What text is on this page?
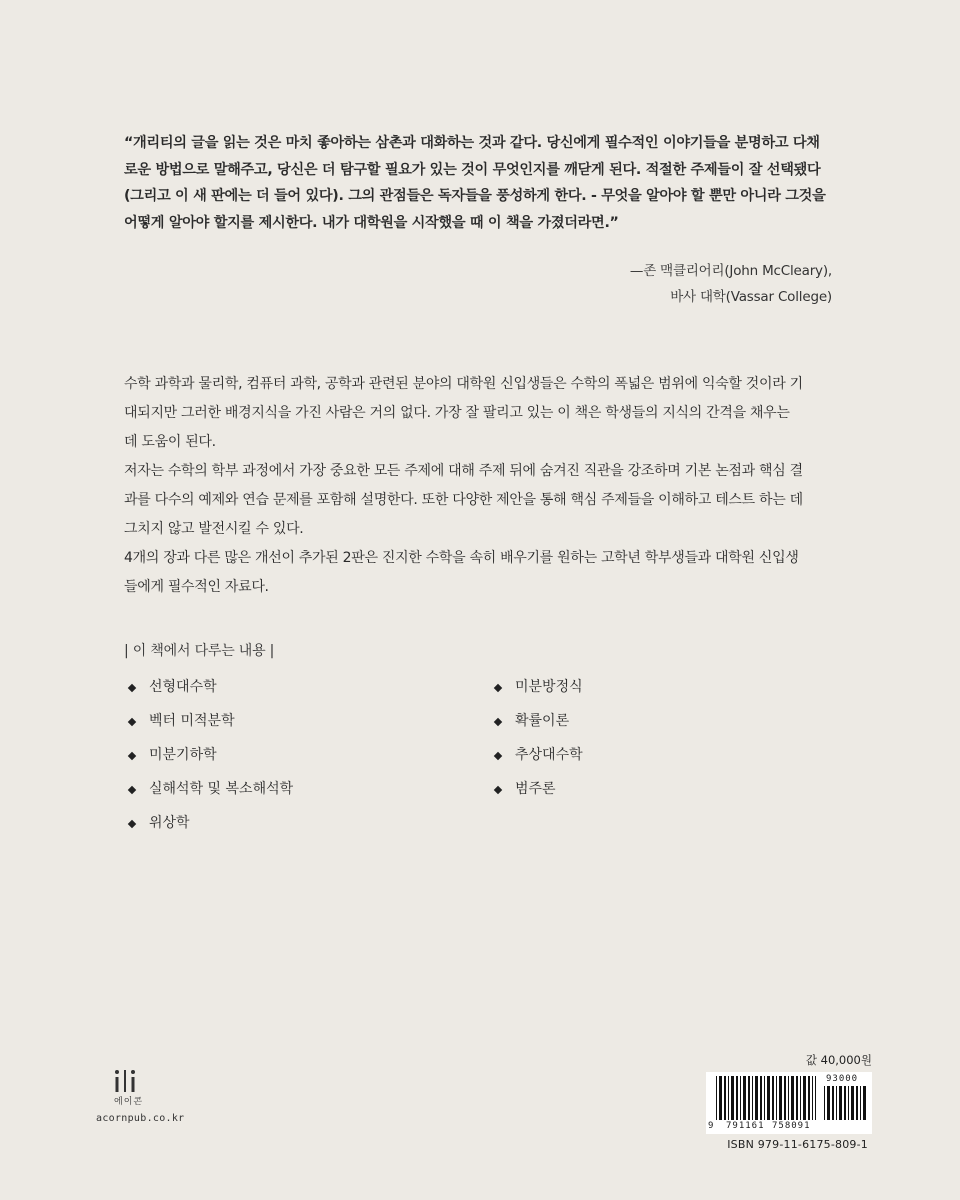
“개리티의 글을 읽는 것은 마치 좋아하는 삼촌과 대화하는 것과 같다. 당신에게 필수적인 이야기들을 분명하고 다채

로운 방법으로 말해주고, 당신은 더 탐구할 필요가 있는 것이 무엇인지를 깨닫게 된다. 적절한 주제들이 잘 선택됐다

(그리고 이 새 판에는 더 들어 있다). 그의 관점들은 독자들을 풍성하게 한다. - 무엇을 알아야 할 뿐만 아니라 그것을

어떻게 알아야 할지를 제시한다. 내가 대학원을 시작했을 때 이 책을 가졌더라면.”

—존 맥클리어리(John McCleary),
바사 대학(Vassar College)

수학 과학과 물리학, 컴퓨터 과학, 공학과 관련된 분야의 대학원 신입생들은 수학의 폭넓은 범위에 익숙할 것이라 기

대되지만 그러한 배경지식을 가진 사람은 거의 없다. 가장 잘 팔리고 있는 이 책은 학생들의 지식의 간격을 채우는

데 도움이 된다.

저자는 수학의 학부 과정에서 가장 중요한 모든 주제에 대해 주제 뒤에 숨겨진 직관을 강조하며 기본 논점과 핵심 결

과를 다수의 예제와 연습 문제를 포함해 설명한다. 또한 다양한 제안을 통해 핵심 주제들을 이해하고 테스트 하는 데

그치지 않고 발전시킬 수 있다.

4개의 장과 다른 많은 개선이 추가된 2판은 진지한 수학을 속히 배우기를 원하는 고학년 학부생들과 대학원 신입생

들에게 필수적인 자료다.

| 이 책에서 다루는 내용 |
선형대수학
벡터 미적분학
미분기하학
실해석학 및 복소해석학
위상학
미분방정식
확률이론
추상대수학
범주론
에이콘
acornpub.co.kr
값 40,000원
93000
9 791161 758091
ISBN 979-11-6175-809-1
